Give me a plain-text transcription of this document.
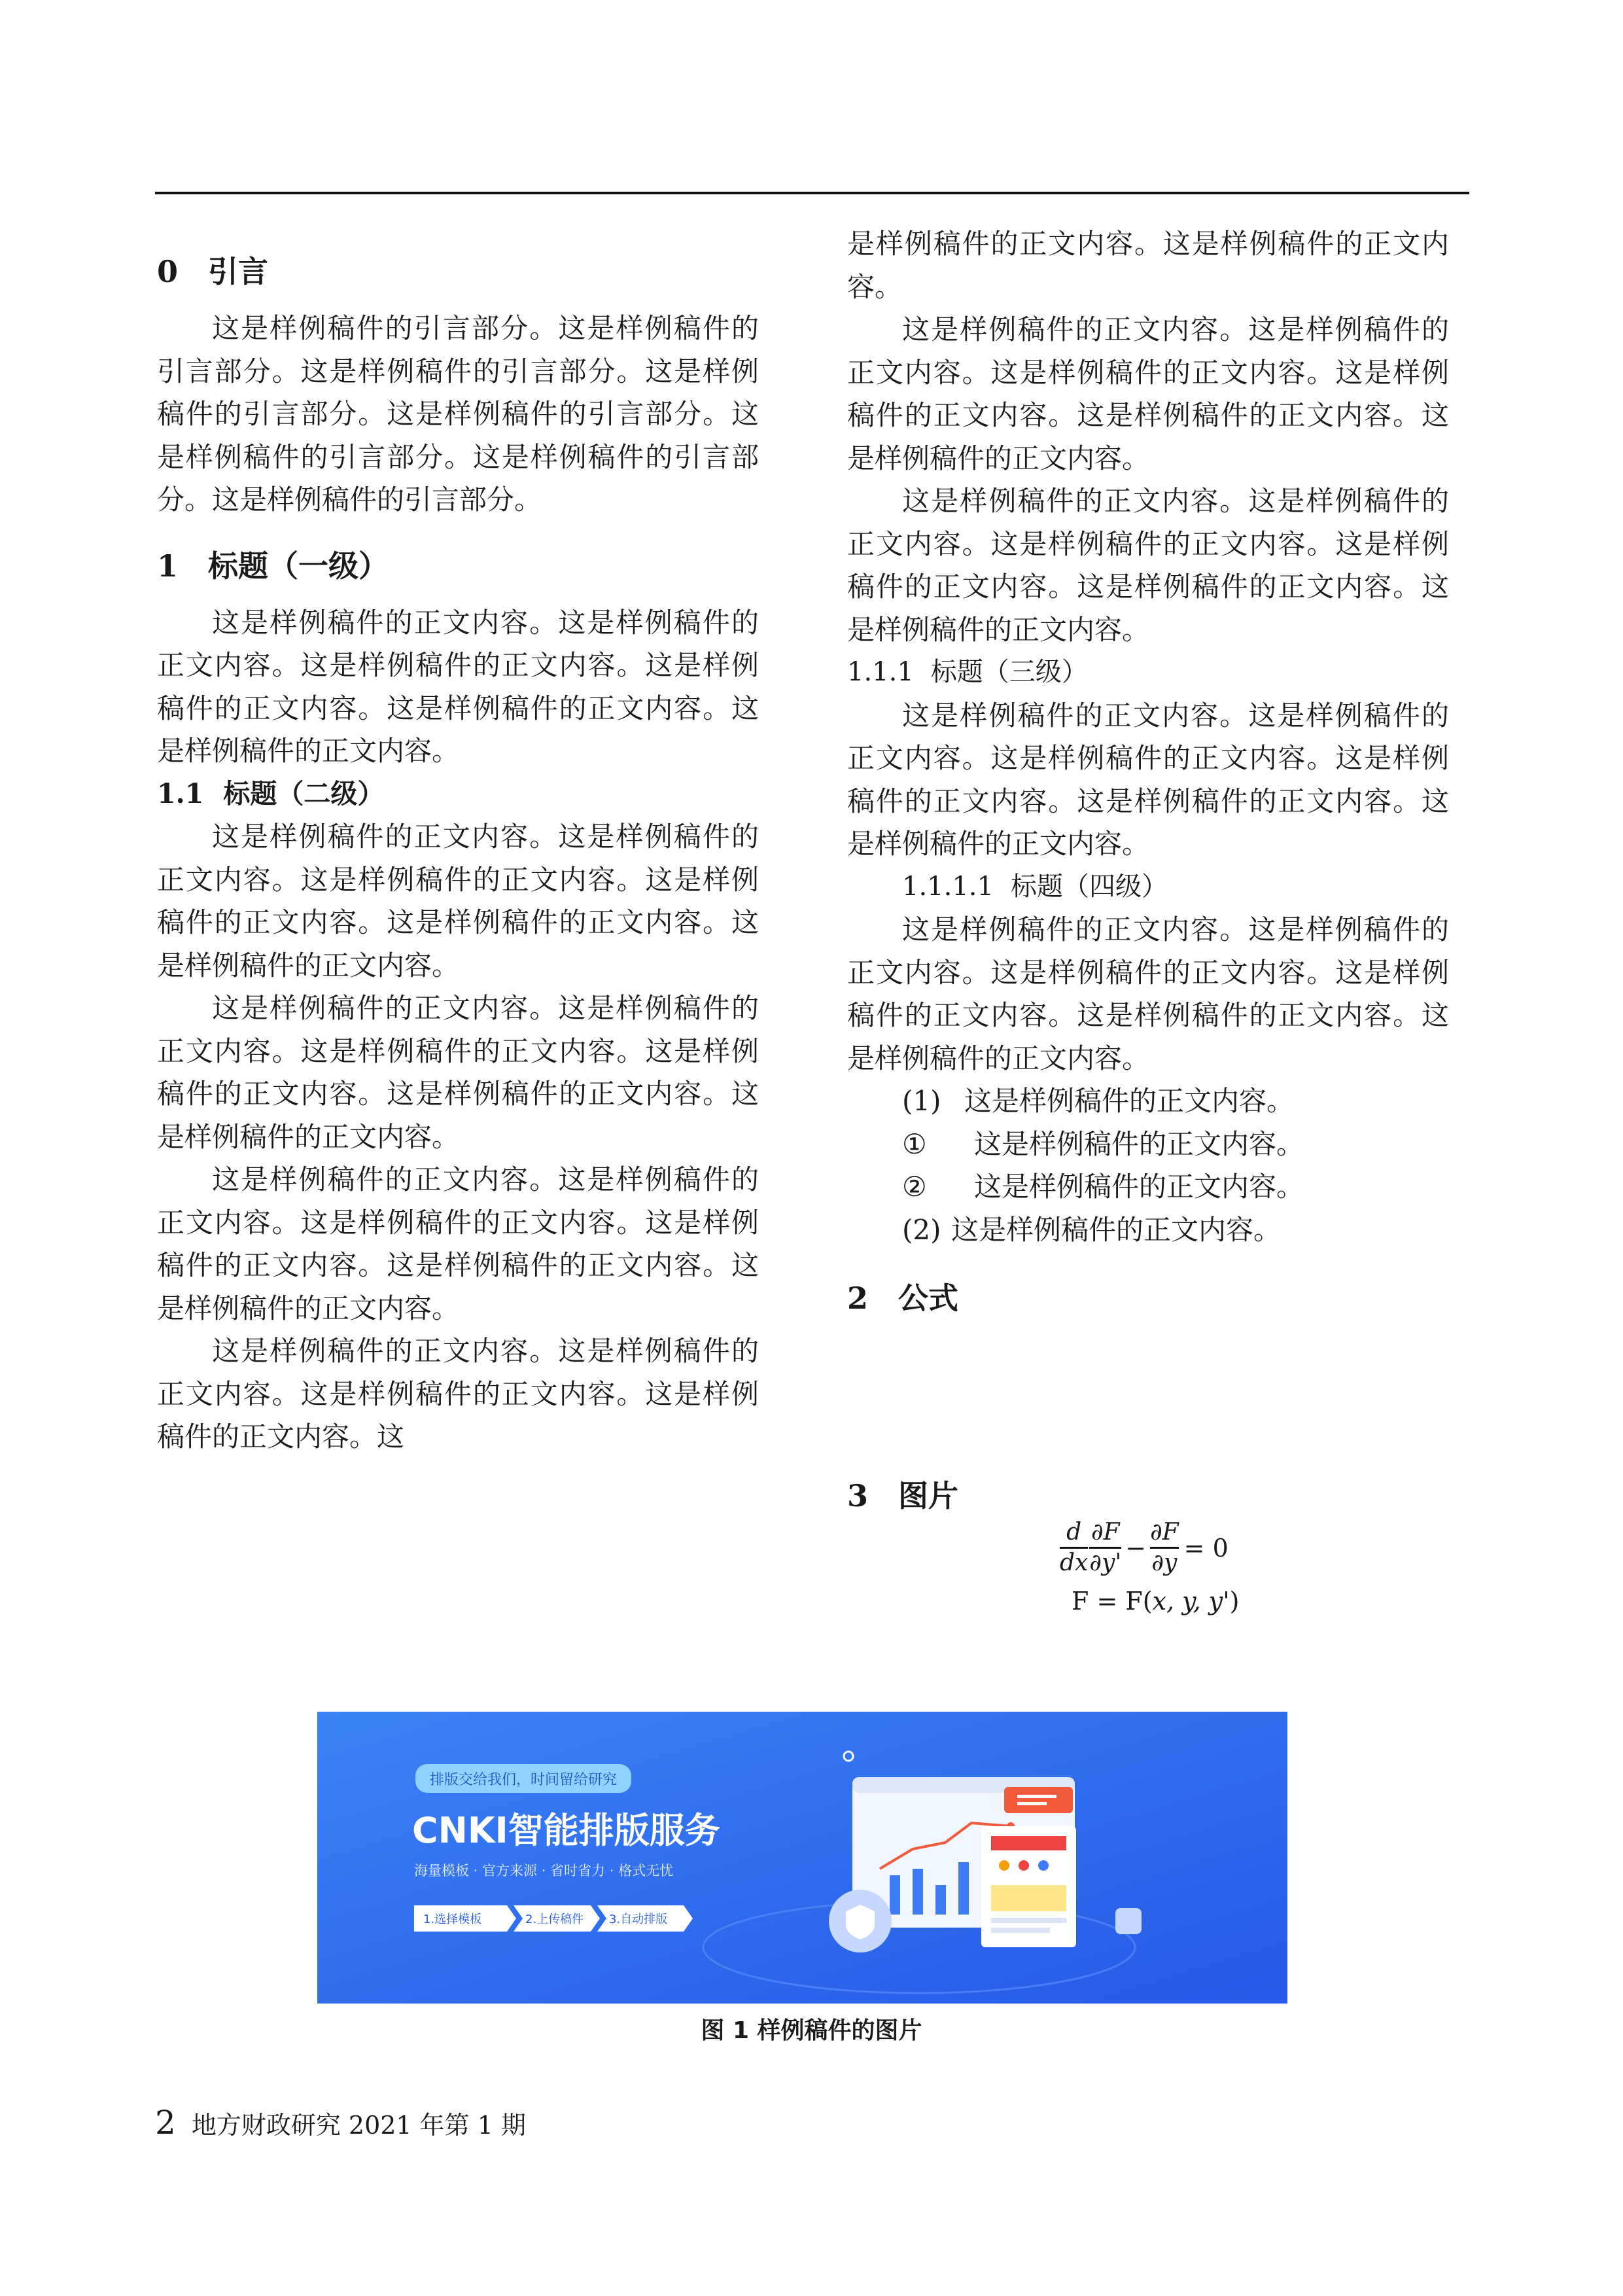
0 引言

这是样例稿件的引言部分。这是样例稿件的引言部分。这是样例稿件的引言部分。这是样例稿件的引言部分。这是样例稿件的引言部分。这是样例稿件的引言部分。这是样例稿件的引言部分。这是样例稿件的引言部分。

1 标题（一级）

这是样例稿件的正文内容。这是样例稿件的正文内容。这是样例稿件的正文内容。这是样例稿件的正文内容。这是样例稿件的正文内容。这是样例稿件的正文内容。

1.1 标题（二级）

这是样例稿件的正文内容。这是样例稿件的正文内容。这是样例稿件的正文内容。这是样例稿件的正文内容。这是样例稿件的正文内容。这是样例稿件的正文内容。

这是样例稿件的正文内容。这是样例稿件的正文内容。这是样例稿件的正文内容。这是样例稿件的正文内容。这是样例稿件的正文内容。这是样例稿件的正文内容。

这是样例稿件的正文内容。这是样例稿件的正文内容。这是样例稿件的正文内容。这是样例稿件的正文内容。这是样例稿件的正文内容。这是样例稿件的正文内容。

这是样例稿件的正文内容。这是样例稿件的正文内容。这是样例稿件的正文内容。这是样例稿件的正文内容。这

是样例稿件的正文内容。这是样例稿件的正文内容。

这是样例稿件的正文内容。这是样例稿件的正文内容。这是样例稿件的正文内容。这是样例稿件的正文内容。这是样例稿件的正文内容。这是样例稿件的正文内容。

这是样例稿件的正文内容。这是样例稿件的正文内容。这是样例稿件的正文内容。这是样例稿件的正文内容。这是样例稿件的正文内容。这是样例稿件的正文内容。

1.1.1 标题（三级）

这是样例稿件的正文内容。这是样例稿件的正文内容。这是样例稿件的正文内容。这是样例稿件的正文内容。这是样例稿件的正文内容。这是样例稿件的正文内容。

1.1.1.1 标题（四级）

这是样例稿件的正文内容。这是样例稿件的正文内容。这是样例稿件的正文内容。这是样例稿件的正文内容。这是样例稿件的正文内容。这是样例稿件的正文内容。

(1) 这是样例稿件的正文内容。
①	这是样例稿件的正文内容。
②	这是样例稿件的正文内容。
(2) 这是样例稿件的正文内容。
2 公式
3 图片
$\frac{d}{dx} \frac{\partial F}{\partial y'} - \frac{\partial F}{\partial y} = 0$
F = F(x, y, y')
排版交给我们，时间留给研究
CNKI智能排版服务
海量模板 · 官方来源 · 省时省力 · 格式无忧
1.选择模板	2.上传稿件 3.自动排版
图 1 样例稿件的图片
2 地方财政研究 2021 年第 1 期
